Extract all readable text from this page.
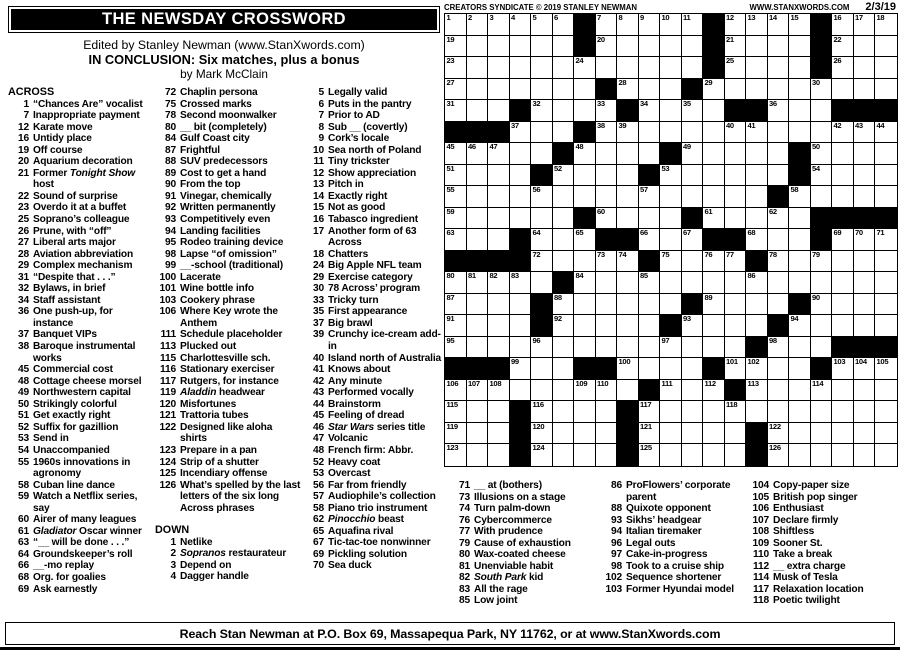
THE NEWSDAY CROSSWORD
Edited by Stanley Newman (www.StanXwords.com)
IN CONCLUSION: Six matches, plus a bonus
by Mark McClain
ACROSS
1 “Chances Are” vocalist
7 Inappropriate payment
12 Karate move
16 Untidy place
19 Off course
20 Aquarium decoration
21 Former Tonight Show host
22 Sound of surprise
23 Overdo it at a buffet
25 Soprano’s colleague
26 Prune, with “off”
27 Liberal arts major
28 Aviation abbreviation
29 Complex mechanism
31 “Despite that . . .”
32 Bylaws, in brief
34 Staff assistant
36 One push-up, for instance
37 Banquet VIPs
38 Baroque instrumental works
45 Commercial cost
48 Cottage cheese morsel
49 Northwestern capital
50 Strikingly colorful
51 Get exactly right
52 Suffix for gazillion
53 Send in
54 Unaccompanied
55 1960s innovations in agronomy
58 Cuban line dance
59 Watch a Netflix series, say
60 Airer of many leagues
61 Gladiator Oscar winner
63 “__ will be done . . .”
64 Groundskeeper’s roll
66 __-mo replay
68 Org. for goalies
69 Ask earnestly
72 Chaplin persona
75 Crossed marks
78 Second moonwalker
80 __ bit (completely)
84 Gulf Coast city
87 Frightful
88 SUV predecessors
89 Cost to get a hand
90 From the top
91 Vinegar, chemically
92 Written permanently
93 Competitively even
94 Landing facilities
95 Rodeo training device
98 Lapse “of omission”
99 __-school (traditional)
100 Lacerate
101 Wine bottle info
103 Cookery phrase
106 Where Key wrote the Anthem
111 Schedule placeholder
113 Plucked out
115 Charlottesville sch.
116 Stationary exerciser
117 Rutgers, for instance
119 Aladdin headwear
120 Misfortunes
121 Trattoria tubes
122 Designed like aloha shirts
123 Prepare in a pan
124 Strip of a shutter
125 Incendiary offense
126 What’s spelled by the last letters of the six long Across phrases
DOWN
1 Netlike
2 Sopranos restaurateur
3 Depend on
4 Dagger handle
5 Legally valid
6 Puts in the pantry
7 Prior to AD
8 Sub __ (covertly)
9 Cork’s locale
10 Sea north of Poland
11 Tiny trickster
12 Show appreciation
13 Pitch in
14 Exactly right
15 Not as good
16 Tabasco ingredient
17 Another form of 63 Across
18 Chatters
24 Big Apple NFL team
29 Exercise category
30 78 Across’ program
33 Tricky turn
35 First appearance
37 Big brawl
39 Crunchy ice-cream add-in
40 Island north of Australia
41 Knows about
42 Any minute
43 Performed vocally
44 Brainstorm
45 Feeling of dread
46 Star Wars series title
47 Volcanic
48 French firm: Abbr.
52 Heavy coat
53 Overcast
56 Far from friendly
57 Audiophile’s collection
58 Piano trio instrument
62 Pinocchio beast
65 Aquafina rival
67 Tic-tac-toe nonwinner
69 Pickling solution
70 Sea duck
CREATORS SYNDICATE © 2019 STANLEY NEWMAN	WWW.STANXWORDS.COM 2/3/19
1 2 3 4 5 6	7 8 9 10 11	12 13 14 15	16 17 18
19	20	21	22
23	24	25	26
27	28	29	30
31	32	33	34	35	36
37	38 39	40 41	42 43 44
45 46 47	48	49	50
51	52	53	54
55	56	57	58
59	60	61	62
63	64	65	66	67	68	69 70 71
72	73 74	75	76 77	78	79
80 81 82 83	84	85	86
87	88	89	90
91	92	93	94
95	96	97	98
99	100	101 102	103 104 105
106 107 108	109 110	111	112	113	114
115	116	117	118
119	120	121	122
123	124	125	126
71 __ at (bothers)
73 Illusions on a stage
74 Turn palm-down
76 Cybercommerce
77 With prudence
79 Cause of exhaustion
80 Wax-coated cheese
81 Unenviable habit
82 South Park kid
83 All the rage
85 Low joint
86 ProFlowers’ corporate parent
88 Quixote opponent
93 Sikhs’ headgear
94 Italian tiremaker
96 Legal outs
97 Cake-in-progress
98 Took to a cruise ship
102 Sequence shortener
103 Former Hyundai model
104 Copy-paper size
105 British pop singer
106 Enthusiast
107 Declare firmly
108 Shiftless
109 Sooner St.
110 Take a break
112 __ extra charge
114 Musk of Tesla
117 Relaxation location
118 Poetic twilight
Reach Stan Newman at P.O. Box 69, Massapequa Park, NY 11762, or at www.StanXwords.com
